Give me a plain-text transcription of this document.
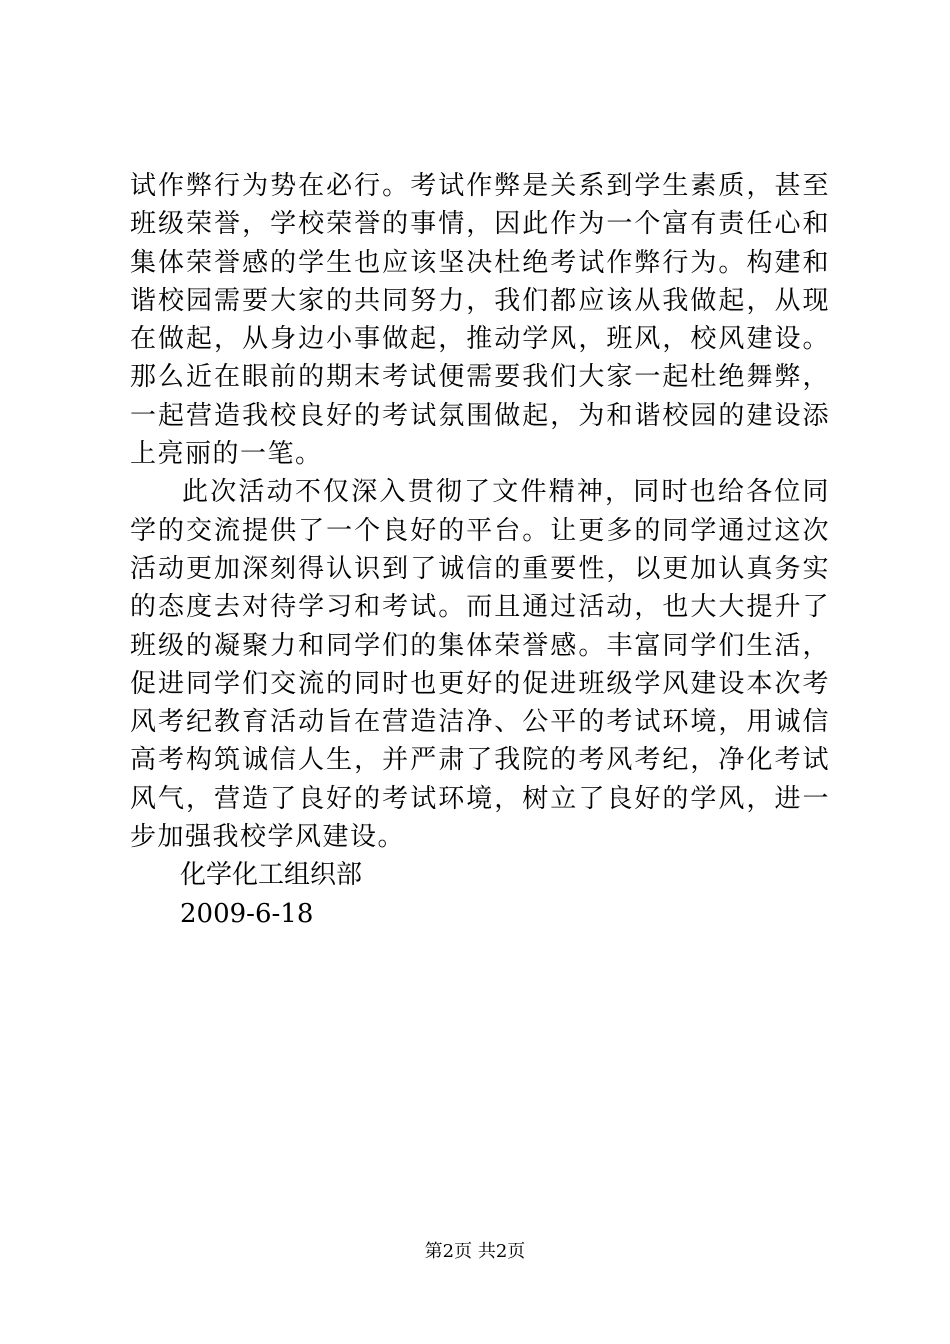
试作弊行为势在必行。考试作弊是关系到学生素质，甚至班级荣誉，学校荣誉的事情，因此作为一个富有责任心和集体荣誉感的学生也应该坚决杜绝考试作弊行为。构建和谐校园需要大家的共同努力，我们都应该从我做起，从现在做起，从身边小事做起，推动学风，班风，校风建设。那么近在眼前的期末考试便需要我们大家一起杜绝舞弊，一起营造我校良好的考试氛围做起，为和谐校园的建设添上亮丽的一笔。

此次活动不仅深入贯彻了文件精神，同时也给各位同学的交流提供了一个良好的平台。让更多的同学通过这次活动更加深刻得认识到了诚信的重要性，以更加认真务实的态度去对待学习和考试。而且通过活动，也大大提升了班级的凝聚力和同学们的集体荣誉感。丰富同学们生活，促进同学们交流的同时也更好的促进班级学风建设本次考风考纪教育活动旨在营造洁净、公平的考试环境，用诚信高考构筑诚信人生，并严肃了我院的考风考纪，净化考试风气，营造了良好的考试环境，树立了良好的学风，进一步加强我校学风建设。

化学化工组织部

2009-6-18

第2页 共2页
